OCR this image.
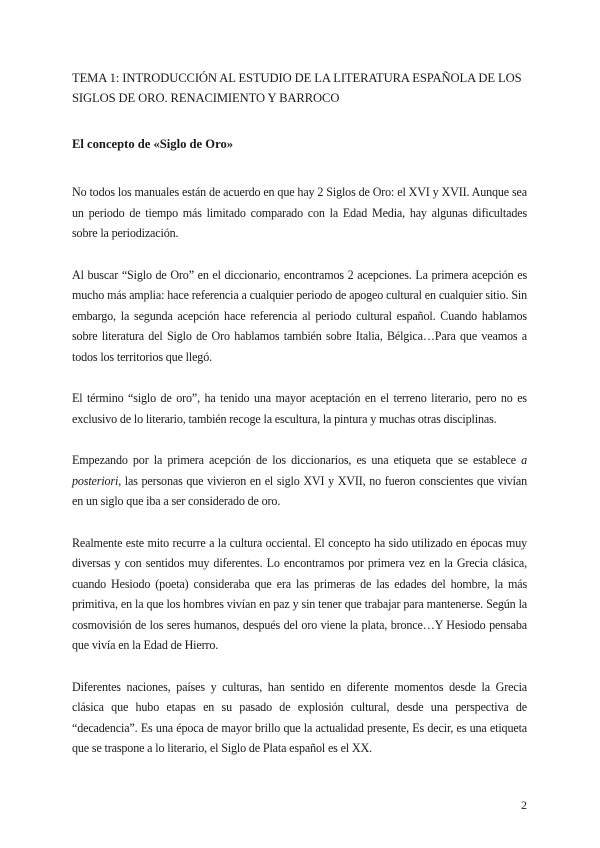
TEMA 1: INTRODUCCIÓN AL ESTUDIO DE LA LITERATURA ESPAÑOLA DE LOS SIGLOS DE ORO. RENACIMIENTO Y BARROCO
El concepto de «Siglo de Oro»

No todos los manuales están de acuerdo en que hay 2 Siglos de Oro: el XVI y XVII. Aunque sea un periodo de tiempo más limitado comparado con la Edad Media, hay algunas dificultades sobre la periodización.

Al buscar “Siglo de Oro” en el diccionario, encontramos 2 acepciones. La primera acepción es mucho más amplia: hace referencia a cualquier periodo de apogeo cultural en cualquier sitio. Sin embargo, la segunda acepción hace referencia al periodo cultural español. Cuando hablamos sobre literatura del Siglo de Oro hablamos también sobre Italia, Bélgica…Para que veamos a todos los territorios que llegó.

El término “siglo de oro”, ha tenido una mayor aceptación en el terreno literario, pero no es exclusivo de lo literario, también recoge la escultura, la pintura y muchas otras disciplinas.

Empezando por la primera acepción de los diccionarios, es una etiqueta que se establece a posteriori, las personas que vivieron en el siglo XVI y XVII, no fueron conscientes que vivían en un siglo que iba a ser considerado de oro.

Realmente este mito recurre a la cultura occiental. El concepto ha sido utilizado en épocas muy diversas y con sentidos muy diferentes. Lo encontramos por primera vez en la Grecia clásica, cuando Hesiodo (poeta) consideraba que era las primeras de las edades del hombre, la más primitiva, en la que los hombres vivían en paz y sin tener que trabajar para mantenerse. Según la cosmovisión de los seres humanos, después del oro viene la plata, bronce…Y Hesiodo pensaba que vivía en la Edad de Hierro.

Diferentes naciones, países y culturas, han sentido en diferente momentos desde la Grecia clásica que hubo etapas en su pasado de explosión cultural, desde una perspectiva de “decadencia”. Es una época de mayor brillo que la actualidad presente, Es decir, es una etiqueta que se traspone a lo literario, el Siglo de Plata español es el XX.

2
